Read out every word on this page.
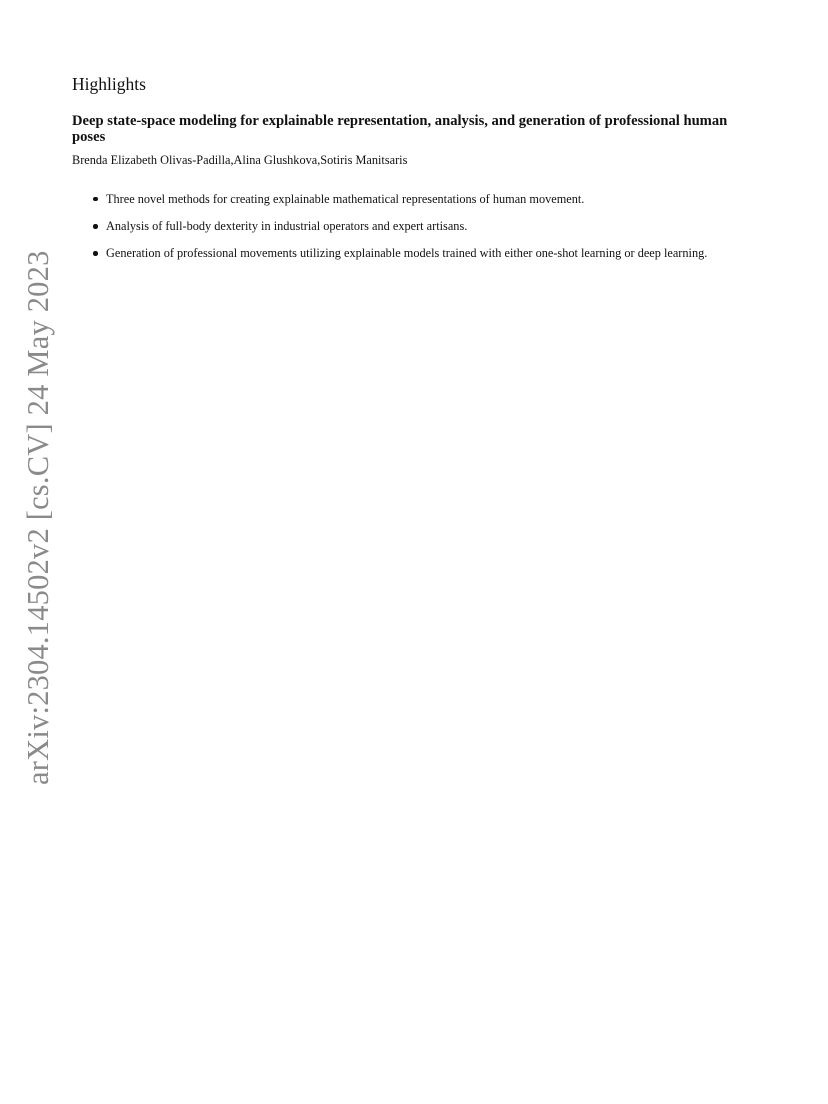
arXiv:2304.14502v2 [cs.CV] 24 May 2023
Highlights
Deep state-space modeling for explainable representation, analysis, and generation of professional human poses
Brenda Elizabeth Olivas-Padilla,Alina Glushkova,Sotiris Manitsaris
Three novel methods for creating explainable mathematical representations of human movement.
Analysis of full-body dexterity in industrial operators and expert artisans.
Generation of professional movements utilizing explainable models trained with either one-shot learning or deep learning.
